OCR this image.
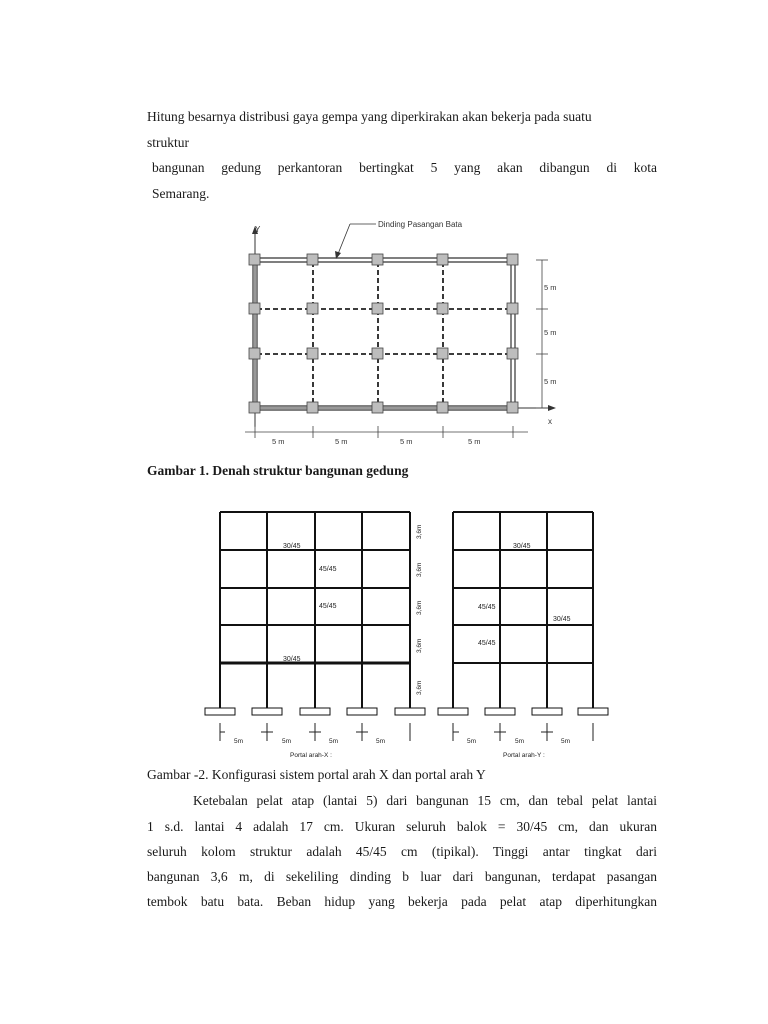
Hitung besarnya distribusi gaya gempa yang diperkirakan akan bekerja pada suatu
struktur
bangunan gedung perkantoran bertingkat 5 yang akan dibangun di kota
Semarang.
Y
x
Dinding Pasangan Bata
5 m
5 m
5 m
5 m	5 m	5 m	5 m
Gambar 1. Denah struktur bangunan gedung
30/45
45/45
45/45
30/45
3,6m
3,6m
3,6m
3,6m
3,6m
5m	5m	5m	5m
Portal arah-X :
30/45
45/45
30/45
45/45
5m	5m	5m
Portal arah-Y :
Gambar -2. Konfigurasi sistem portal arah X dan portal arah Y
Ketebalan pelat atap (lantai 5) dari bangunan 15 cm, dan tebal pelat lantai
1 s.d. lantai 4 adalah 17 cm. Ukuran seluruh balok = 30/45 cm, dan ukuran
seluruh kolom struktur adalah 45/45 cm (tipikal). Tinggi antar tingkat dari
bangunan 3,6 m, di sekeliling dinding b luar dari bangunan, terdapat pasangan
tembok batu bata. Beban hidup yang bekerja pada pelat atap diperhitungkan
